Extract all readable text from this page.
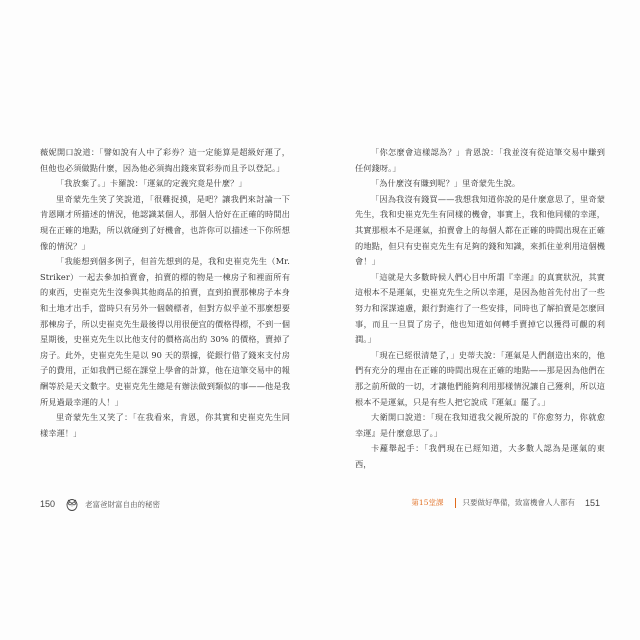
薇妮開口說道：「譬如說有人中了彩券？這一定能算是超級好運了，但他也必須做點什麼，因為他必須掏出錢來買彩券而且予以登記。」

「我放棄了。」卡羅說：「運氣的定義究竟是什麼？」

里奇蒙先生笑了笑說道，「很難捉摸，是吧？讓我們來討論一下肯恩剛才所描述的情況，他認識某個人，那個人恰好在正確的時間出現在正確的地點，所以就碰到了好機會，也許你可以描述一下你所想像的情況？」

「我能想到個多例子，但首先想到的是，我和史崔克先生（Mr. Striker）一起去參加拍賣會，拍賣的標的物是一棟房子和裡面所有的東西，史崔克先生沒參與其他商品的拍賣，直到拍賣那棟房子本身和土地才出手，當時只有另外一個競標者，但對方似乎並不那麼想要那棟房子，所以史崔克先生最後得以用很便宜的價格得標，不到一個星期後，史崔克先生以比他支付的價格高出約 30% 的價格，賣掉了房子。此外，史崔克先生是以 90 天的票據，從銀行借了錢來支付房子的費用，正如我們已經在課堂上學會的計算，他在這筆交易中的報酬等於是天文數字。史崔克先生總是有辦法做到類似的事——他是我所見過最幸運的人！」

里奇蒙先生又笑了：「在我看來，肯恩，你其實和史崔克先生同樣幸運！」

「你怎麼會這樣認為？」肯恩說：「我並沒有從這筆交易中賺到任何錢呀。」

「為什麼沒有賺到呢？」里奇蒙先生說。

「因為我沒有錢買——我想我知道你說的是什麼意思了，里奇蒙先生，我和史崔克先生有同樣的機會，事實上，我和他同樣的幸運，其實那根本不是運氣，拍賣會上的每個人都在正確的時間出現在正確的地點，但只有史崔克先生有足夠的錢和知識，來抓住並利用這個機會！」

「這就是大多數時候人們心目中所謂『幸運』的真實狀況，其實這根本不是運氣，史崔克先生之所以幸運，是因為他首先付出了一些努力和深謀遠慮，銀行對進行了一些安排，同時也了解拍賣是怎麼回事，而且一旦買了房子，他也知道如何轉手賣掉它以獲得可觀的利潤。」

「現在已經很清楚了，」史蒂夫說：「運氣是人們創造出來的，他們有充分的理由在正確的時間出現在正確的地點——那是因為他們在那之前所做的一切，才讓他們能夠利用那樣情況讓自己獲利，所以這根本不是運氣，只是有些人把它說成『運氣』罷了。」

大衛開口說道：「現在我知道我父親所說的『你愈努力，你就愈幸運』是什麼意思了。」

卡蘿舉起手：「我們現在已經知道，大多數人認為是運氣的東西，

150	老富爸財富自由的秘密	第15堂課	只要做好準備，致富機會人人都有 151
